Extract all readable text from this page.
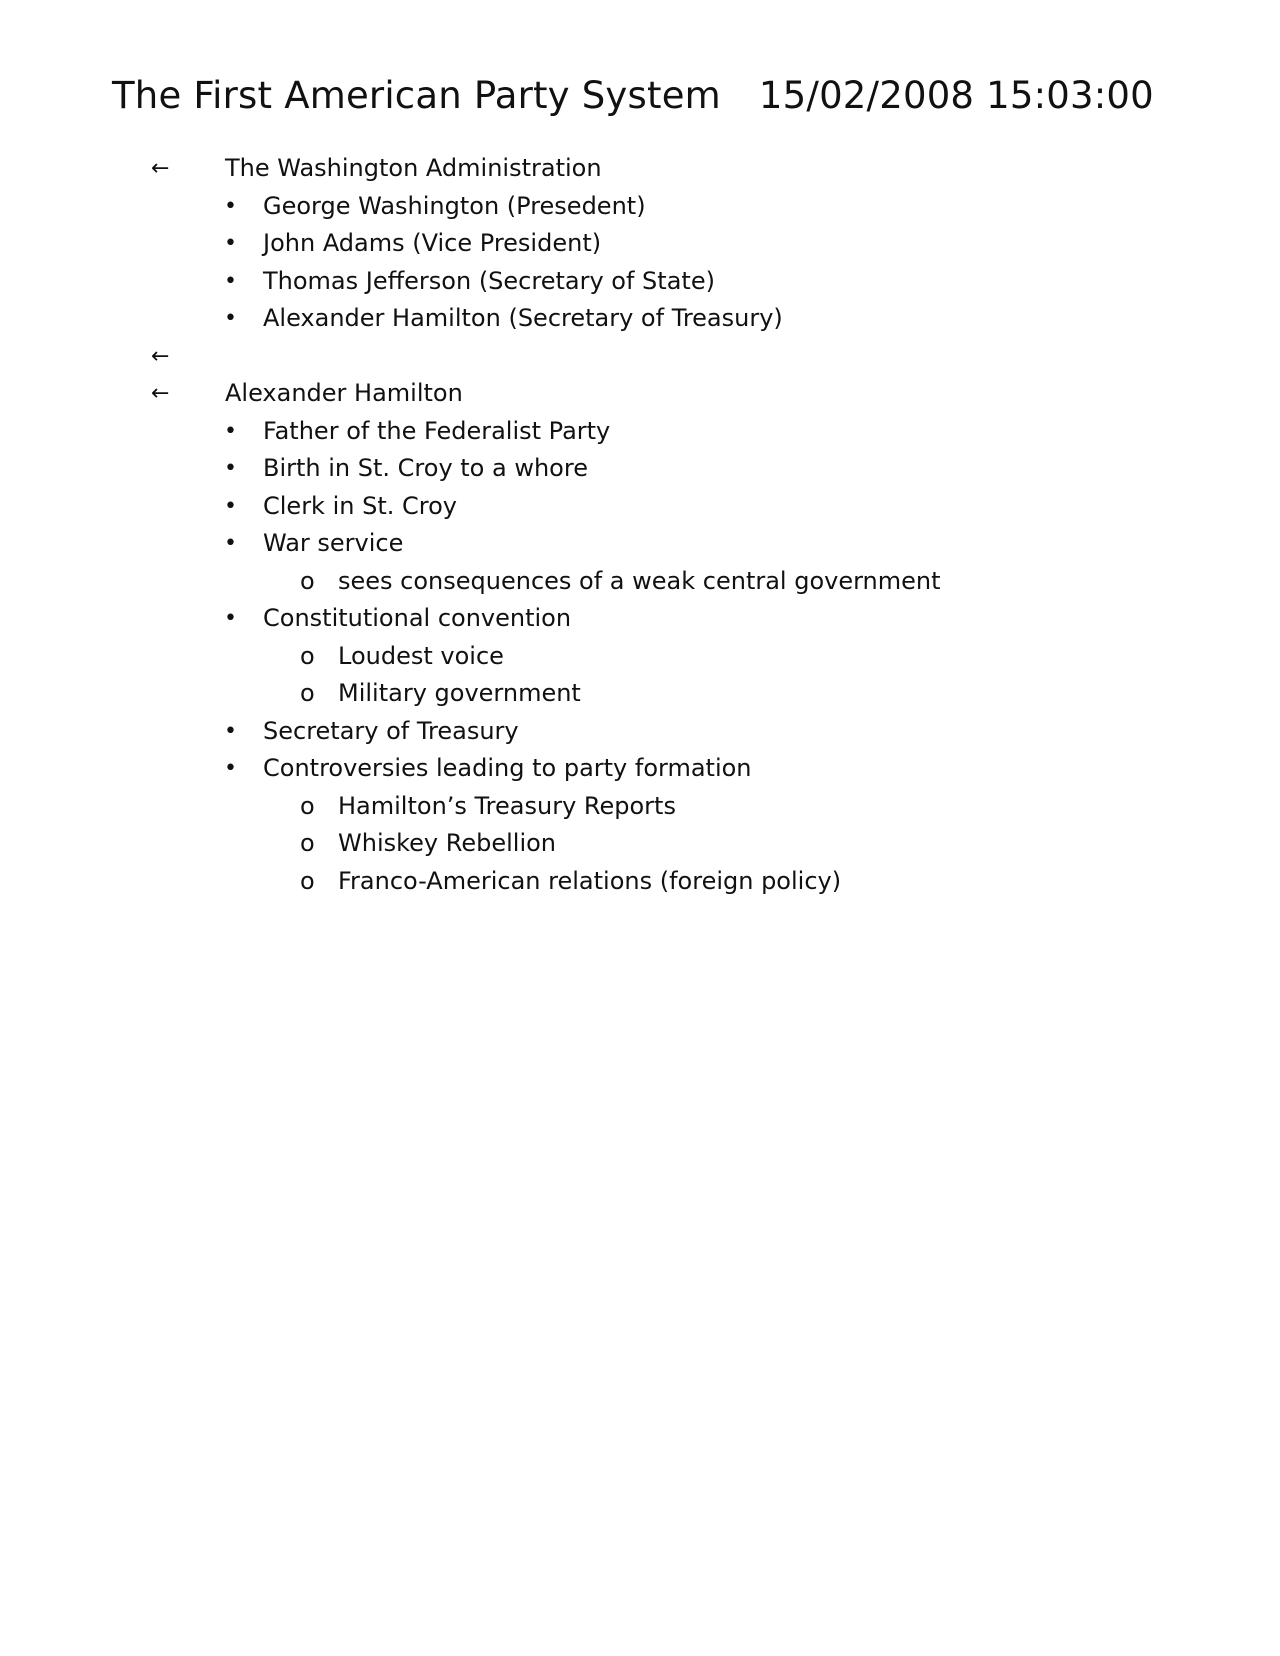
The First American Party System 15/02/2008 15:03:00
← The Washington Administration
• George Washington (Presedent)
• John Adams (Vice President)
• Thomas Jefferson (Secretary of State)
• Alexander Hamilton (Secretary of Treasury)
←
← Alexander Hamilton
• Father of the Federalist Party
• Birth in St. Croy to a whore
• Clerk in St. Croy
• War service
o sees consequences of a weak central government
• Constitutional convention
o Loudest voice
o Military government
• Secretary of Treasury
• Controversies leading to party formation
o Hamilton’s Treasury Reports
o Whiskey Rebellion
o Franco-American relations (foreign policy)
